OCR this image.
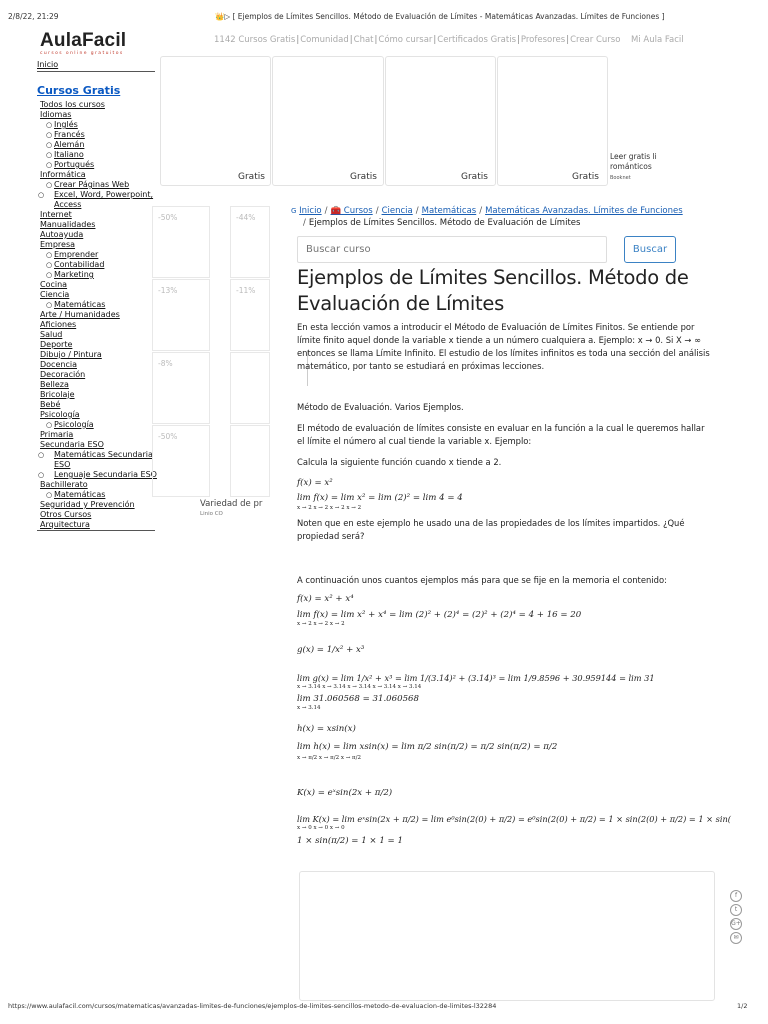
2/8/22, 21:29	👑▷ [ Ejemplos de Límites Sencillos. Método de Evaluación de Límites - Matemáticas Avanzadas. Límites de Funciones ]
https://www.aulafacil.com/cursos/matematicas/avanzadas-limites-de-funciones/ejemplos-de-limites-sencillos-metodo-de-evaluacion-de-limites-l32284	1/2
AulaFacil
cursos online gratuitos
1142 Cursos Gratis|Comunidad|Chat|Cómo cursar|Certificados Gratis|Profesores|Crear Curso Mi Aula Facil
Inicio
Cursos Gratis
Todos los cursos
Idiomas
○ Inglés
○ Francés
○ Alemán
○ Italiano
○ Portugués
Informática
○ Crear Páginas Web
○ Excel, Word, Powerpoint, Access
Internet
Manualidades
Autoayuda
Empresa
○ Emprender
○ Contabilidad
○ Marketing
Cocina
Ciencia
○ Matemáticas
Arte / Humanidades
Aficiones
Salud
Deporte
Dibujo / Pintura
Docencia
Decoración
Belleza
Bricolaje
Bebé
Psicología
○ Psicología
Primaria
Secundaria ESO
○ Matemáticas Secundaria ESO
○ Lenguaje Secundaria ESO
Bachillerato
○ Matemáticas
Seguridad y Prevención
Otros Cursos
Arquitectura
Gratis	Gratis	Gratis	Gratis
Leer gratis li románticos
Booknet
-50%	-44%
-13%	-11%
-8%
-50%
Variedad de pr
Linio CO
G Inicio / 🧰 Cursos / Ciencia / Matemáticas / Matemáticas Avanzadas. Límites de Funciones
/ Ejemplos de Límites Sencillos. Método de Evaluación de Límites
Buscar curso
Buscar
Ejemplos de Límites Sencillos. Método de Evaluación de Límites

En esta lección vamos a introducir el Método de Evaluación de Límites Finitos. Se entiende por límite finito aquel donde la variable x tiende a un número cualquiera a. Ejemplo: x → 0. Si X → ∞ entonces se llama Límite Infinito. El estudio de los límites infinitos es toda una sección del análisis matemático, por tanto se estudiará en próximas lecciones.

Método de Evaluación. Varios Ejemplos.

El método de evaluación de límites consiste en evaluar en la función a la cual le queremos hallar el límite el número al cual tiende la variable x. Ejemplo:

Calcula la siguiente función cuando x tiende a 2.

f(x) = x²
lim f(x) = lim x² = lim (2)² = lim 4 = 4
x → 2 x → 2 x → 2 x → 2

Noten que en este ejemplo he usado una de las propiedades de los límites impartidos. ¿Qué propiedad será?

A continuación unos cuantos ejemplos más para que se fije en la memoria el contenido:

f(x) = x² + x⁴
lim f(x) = lim x² + x⁴ = lim (2)² + (2)⁴ = (2)² + (2)⁴ = 4 + 16 = 20
x → 2 x → 2 x → 2
g(x) = 1/x² + x³
lim g(x) = lim 1/x² + x³ = lim 1/(3.14)² + (3.14)³ = lim 1/9.8596 + 30.959144 = lim 31
x → 3.14 x → 3.14 x → 3.14 x → 3.14 x → 3.14
lim 31.060568 = 31.060568
x → 3.14
h(x) = xsin(x)
lim h(x) = lim xsin(x) = lim π/2 sin(π/2) = π/2 sin(π/2) = π/2
x → π/2 x → π/2 x → π/2
K(x) = eˣsin(2x + π/2)
lim K(x) = lim eˣsin(2x + π/2) = lim e⁰sin(2(0) + π/2) = e⁰sin(2(0) + π/2) = 1 × sin(2(0) + π/2) = 1 × sin(
x → 0 x → 0 x → 0
1 × sin(π/2) = 1 × 1 = 1
f
t
G+
✉
